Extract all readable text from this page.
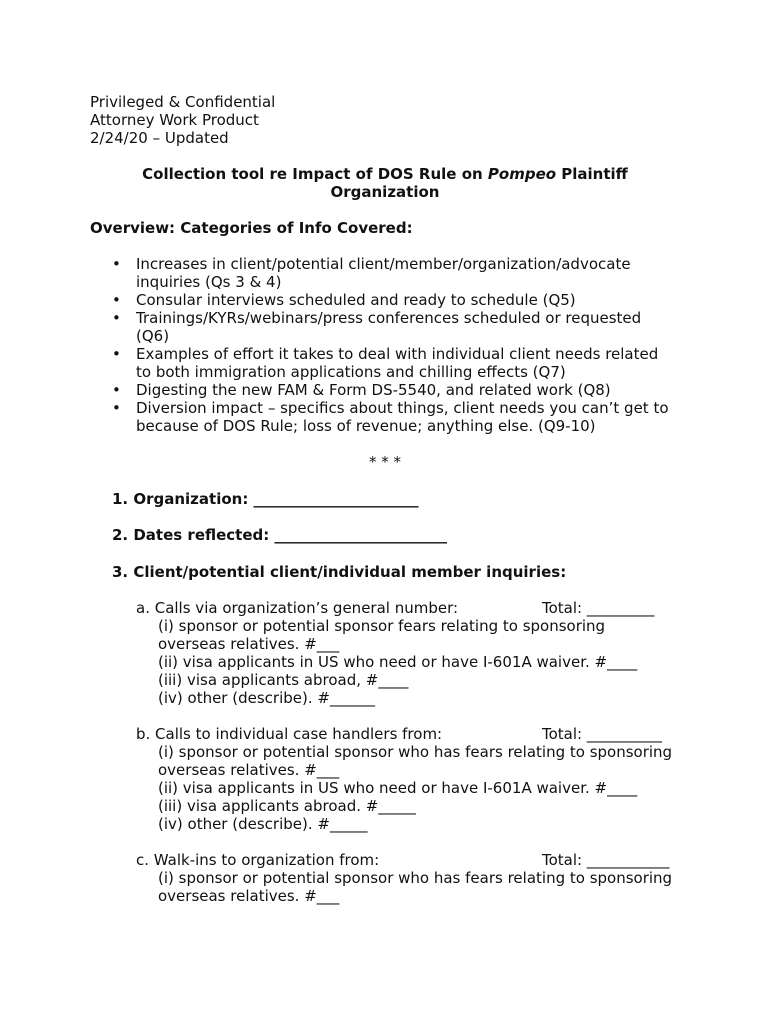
Privileged & Confidential
Attorney Work Product
2/24/20 – Updated
Collection tool re Impact of DOS Rule on Pompeo Plaintiff
Organization
Overview: Categories of Info Covered:
• Increases in client/potential client/member/organization/advocate
inquiries (Qs 3 & 4)
• Consular interviews scheduled and ready to schedule (Q5)
• Trainings/KYRs/webinars/press conferences scheduled or requested
(Q6)
• Examples of effort it takes to deal with individual client needs related
to both immigration applications and chilling effects (Q7)
• Digesting the new FAM & Form DS-5540, and related work (Q8)
• Diversion impact – specifics about things, client needs you can’t get to
because of DOS Rule; loss of revenue; anything else. (Q9-10)
* * *
1. Organization: ______________________
2. Dates reflected: _______________________
3. Client/potential client/individual member inquiries:
a. Calls via organization’s general number:	Total: _________
(i) sponsor or potential sponsor fears relating to sponsoring
overseas relatives. #___
(ii) visa applicants in US who need or have I-601A waiver. #____
(iii) visa applicants abroad, #____
(iv) other (describe). #______
b. Calls to individual case handlers from:	Total: __________
(i) sponsor or potential sponsor who has fears relating to sponsoring
overseas relatives. #___
(ii) visa applicants in US who need or have I-601A waiver. #____
(iii) visa applicants abroad. #_____
(iv) other (describe). #_____
c. Walk-ins to organization from:	Total: ___________
(i) sponsor or potential sponsor who has fears relating to sponsoring
overseas relatives. #___
